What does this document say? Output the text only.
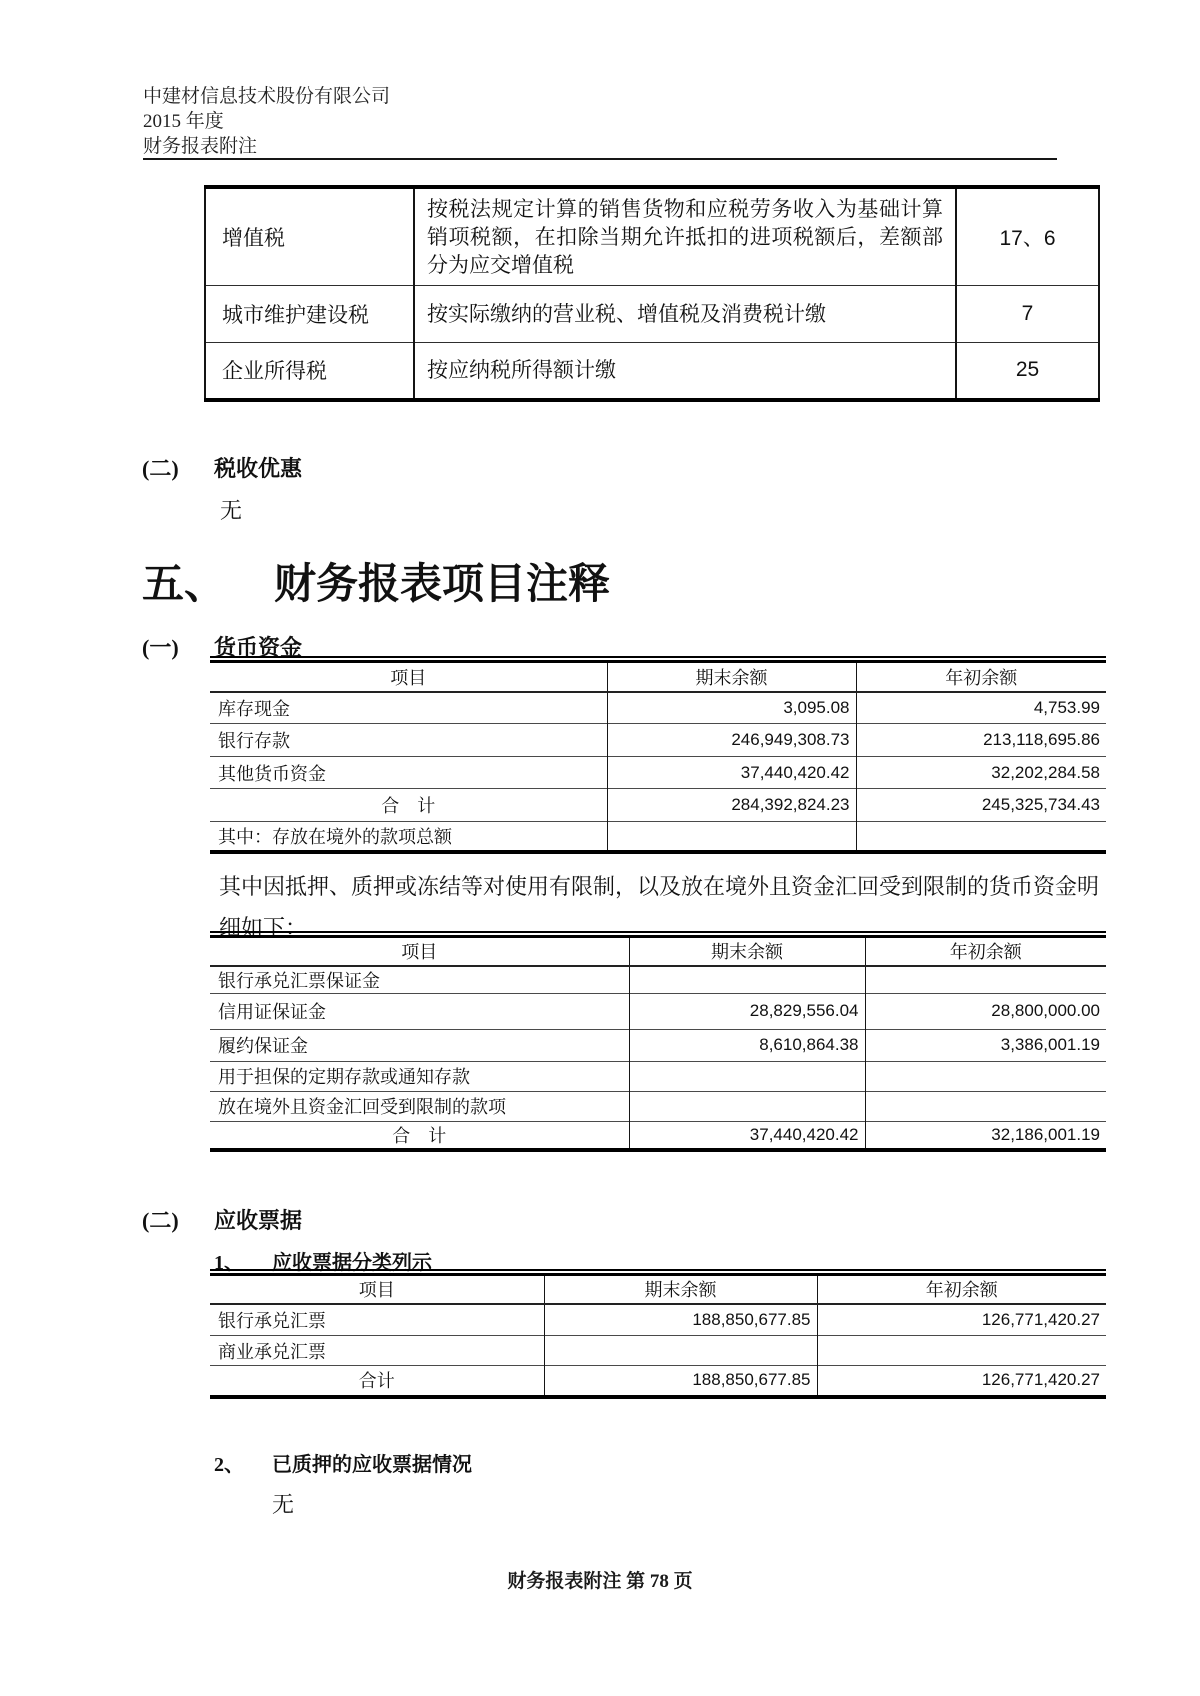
中建材信息技术股份有限公司
2015 年度
财务报表附注
增值税	按税法规定计算的销售货物和应税劳务收入为基础计算销项税额，在扣除当期允许抵扣的进项税额后，差额部分为应交增值税	17、6
城市维护建设税	按实际缴纳的营业税、增值税及消费税计缴	7
企业所得税	按应纳税所得额计缴	25
(二) 税收优惠
无
五、 财务报表项目注释
(一) 货币资金
项目	期末余额	年初余额
库存现金	3,095.08	4,753.99
银行存款	246,949,308.73	213,118,695.86
其他货币资金	37,440,420.42	32,202,284.58
合　计	284,392,824.23	245,325,734.43
其中：存放在境外的款项总额		
其中因抵押、质押或冻结等对使用有限制，以及放在境外且资金汇回受到限制的货币资金明
细如下：
项目	期末余额	年初余额
银行承兑汇票保证金		
信用证保证金	28,829,556.04	28,800,000.00
履约保证金	8,610,864.38	3,386,001.19
用于担保的定期存款或通知存款		
放在境外且资金汇回受到限制的款项		
合　计	37,440,420.42	32,186,001.19
(二) 应收票据
1、 应收票据分类列示
项目	期末余额	年初余额
银行承兑汇票	188,850,677.85	126,771,420.27
商业承兑汇票		
合计	188,850,677.85	126,771,420.27
2、 已质押的应收票据情况
无
财务报表附注 第 78 页
